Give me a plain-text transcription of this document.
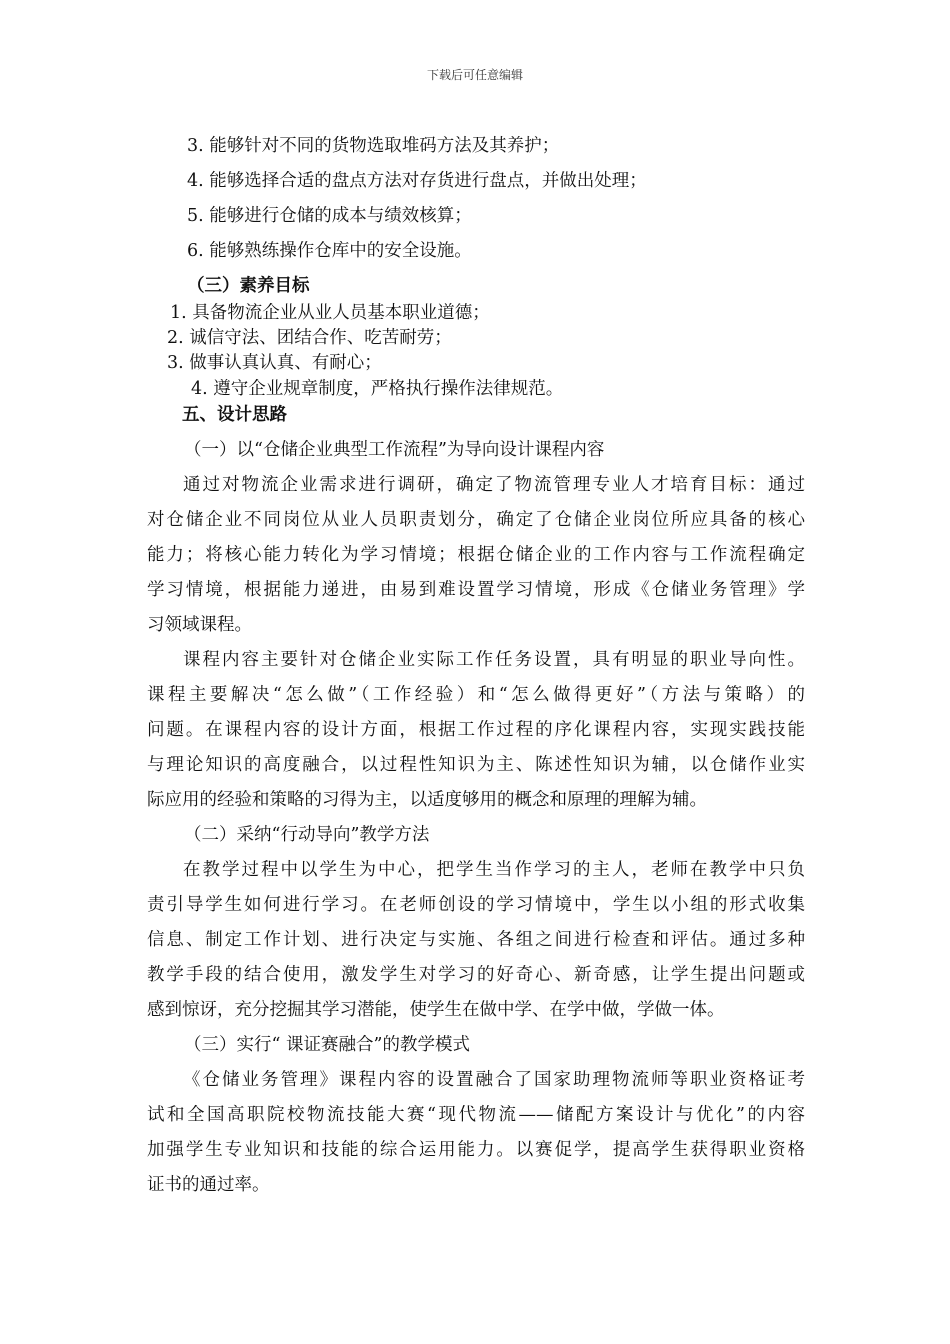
下载后可任意编辑
3. 能够针对不同的货物选取堆码方法及其养护；
4. 能够选择合适的盘点方法对存货进行盘点，并做出处理；
5. 能够进行仓储的成本与绩效核算；
6. 能够熟练操作仓库中的安全设施。
（三）素养目标
1. 具备物流企业从业人员基本职业道德；
2. 诚信守法、团结合作、吃苦耐劳；
3. 做事认真认真、有耐心；
4. 遵守企业规章制度，严格执行操作法律规范。
五、设计思路
（一）以“仓储企业典型工作流程”为导向设计课程内容
通过对物流企业需求进行调研，确定了物流管理专业人才培育目标：通过
对仓储企业不同岗位从业人员职责划分，确定了仓储企业岗位所应具备的核心
能力；将核心能力转化为学习情境；根据仓储企业的工作内容与工作流程确定
学习情境，根据能力递进，由易到难设置学习情境，形成《仓储业务管理》学
习领域课程。
课程内容主要针对仓储企业实际工作任务设置，具有明显的职业导向性。
课程主要解决“怎么做”（工作经验）和“怎么做得更好”（方法与策略）的
问题。在课程内容的设计方面，根据工作过程的序化课程内容，实现实践技能
与理论知识的高度融合，以过程性知识为主、陈述性知识为辅，以仓储作业实
际应用的经验和策略的习得为主，以适度够用的概念和原理的理解为辅。
（二）采纳“行动导向”教学方法
在教学过程中以学生为中心，把学生当作学习的主人，老师在教学中只负
责引导学生如何进行学习。在老师创设的学习情境中，学生以小组的形式收集
信息、制定工作计划、进行决定与实施、各组之间进行检查和评估。通过多种
教学手段的结合使用，激发学生对学习的好奇心、新奇感，让学生提出问题或
感到惊讶，充分挖掘其学习潜能，使学生在做中学、在学中做，学做一体。
（三）实行“ 课证赛融合”的教学模式
《仓储业务管理》课程内容的设置融合了国家助理物流师等职业资格证考
试和全国高职院校物流技能大赛“现代物流——储配方案设计与优化”的内容
加强学生专业知识和技能的综合运用能力。以赛促学，提高学生获得职业资格
证书的通过率。
